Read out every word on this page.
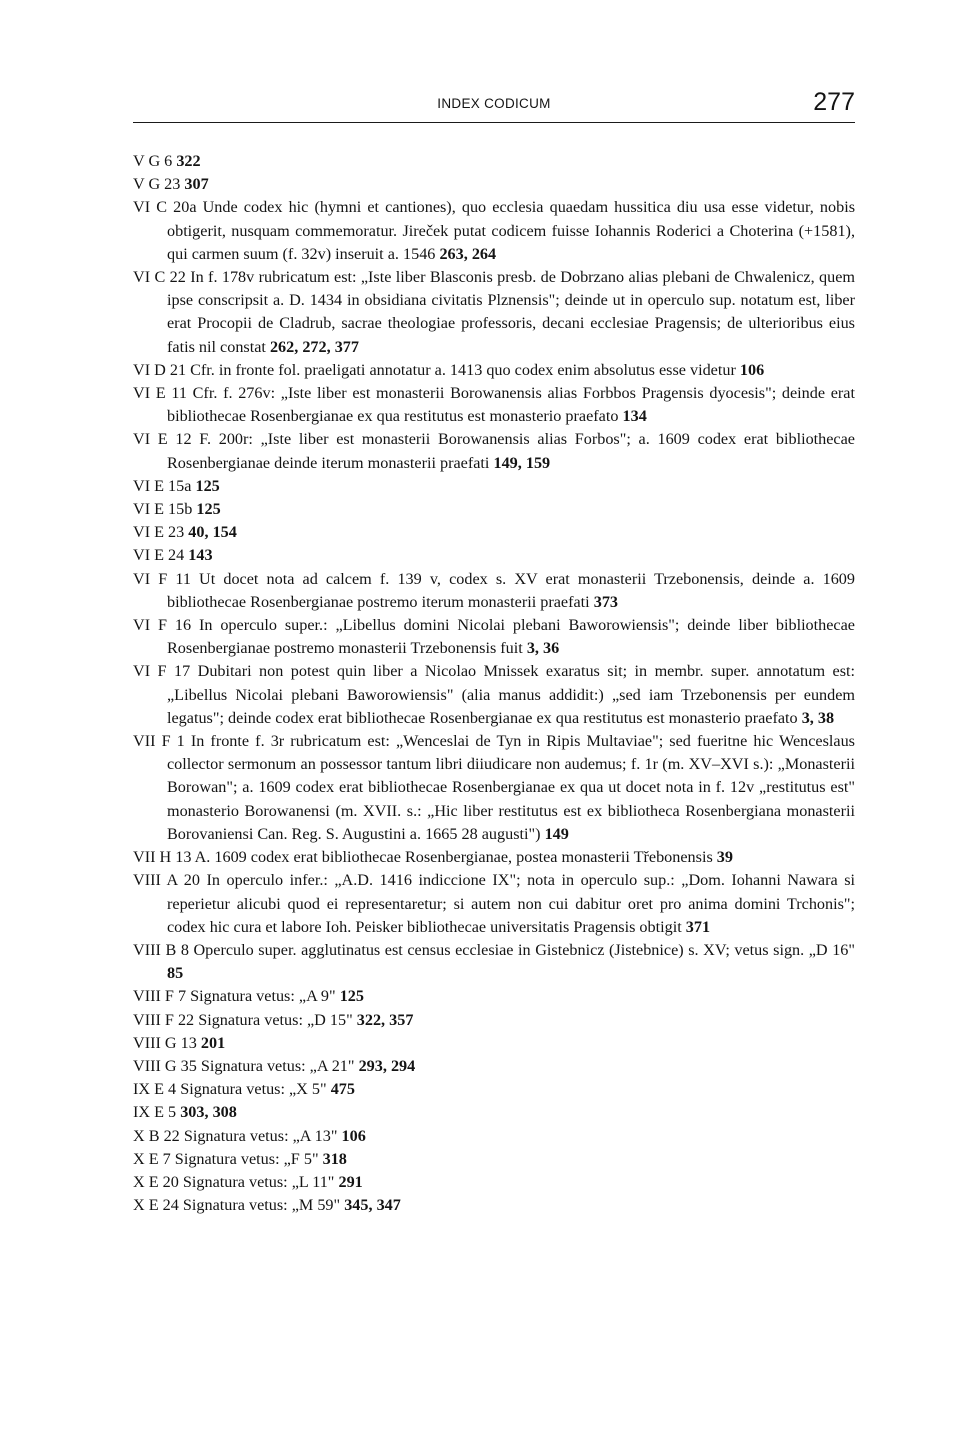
INDEX CODICUM	277

V G 6 322

V G 23 307

VI C 20a Unde codex hic (hymni et cantiones), quo ecclesia quaedam hussitica diu usa esse videtur, nobis obtigerit, nusquam commemoratur. Jireček putat codicem fuisse Iohannis Roderici a Choterina (+1581), qui carmen suum (f. 32v) inseruit a. 1546 263, 264

VI C 22 In f. 178v rubricatum est: „Iste liber Blasconis presb. de Dobrzano alias plebani de Chwalenicz, quem ipse conscripsit a. D. 1434 in obsidiana civitatis Plznensis"; deinde ut in operculo sup. notatum est, liber erat Procopii de Cladrub, sacrae theologiae professoris, decani ecclesiae Pragensis; de ulterioribus eius fatis nil constat 262, 272, 377

VI D 21 Cfr. in fronte fol. praeligati annotatur a. 1413 quo codex enim absolutus esse videtur 106

VI E 11 Cfr. f. 276v: „Iste liber est monasterii Borowanensis alias Forbbos Pragensis dyocesis"; deinde erat bibliothecae Rosenbergianae ex qua restitutus est monasterio praefato 134

VI E 12 F. 200r: „Iste liber est monasterii Borowanensis alias Forbos"; a. 1609 codex erat bibliothecae Rosenbergianae deinde iterum monasterii praefati 149, 159

VI E 15a 125

VI E 15b 125

VI E 23 40, 154

VI E 24 143

VI F 11 Ut docet nota ad calcem f. 139 v, codex s. XV erat monasterii Trzebonensis, deinde a. 1609 bibliothecae Rosenbergianae postremo iterum monasterii praefati 373

VI F 16 In operculo super.: „Libellus domini Nicolai plebani Baworowiensis"; deinde liber bibliothecae Rosenbergianae postremo monasterii Trzebonensis fuit 3, 36

VI F 17 Dubitari non potest quin liber a Nicolao Mnissek exaratus sit; in membr. super. annotatum est: „Libellus Nicolai plebani Baworowiensis" (alia manus addidit:) „sed iam Trzebonensis per eundem legatus"; deinde codex erat bibliothecae Rosenbergianae ex qua restitutus est monasterio praefato 3, 38

VII F 1 In fronte f. 3r rubricatum est: „Wenceslai de Tyn in Ripis Multaviae"; sed fueritne hic Wenceslaus collector sermonum an possessor tantum libri diiudicare non audemus; f. 1r (m. XV–XVI s.): „Monasterii Borowan"; a. 1609 codex erat bibliothecae Rosenbergianae ex qua ut docet nota in f. 12v „restitutus est" monasterio Borowanensi (m. XVII. s.: „Hic liber restitutus est ex bibliotheca Rosenbergiana monasterii Borovaniensi Can. Reg. S. Augustini a. 1665 28 augusti") 149

VII H 13 A. 1609 codex erat bibliothecae Rosenbergianae, postea monasterii Třebonensis 39

VIII A 20 In operculo infer.: „A.D. 1416 indiccione IX"; nota in operculo sup.: „Dom. Iohanni Nawara si reperietur alicubi quod ei representaretur; si autem non cui dabitur oret pro anima domini Trchonis"; codex hic cura et labore Ioh. Peisker bibliothecae universitatis Pragensis obtigit 371

VIII B 8 Operculo super. agglutinatus est census ecclesiae in Gistebnicz (Jistebnice) s. XV; vetus sign. „D 16" 85

VIII F 7 Signatura vetus: „A 9" 125

VIII F 22 Signatura vetus: „D 15" 322, 357

VIII G 13 201

VIII G 35 Signatura vetus: „A 21" 293, 294

IX E 4 Signatura vetus: „X 5" 475

IX E 5 303, 308

X B 22 Signatura vetus: „A 13" 106

X E 7 Signatura vetus: „F 5" 318

X E 20 Signatura vetus: „L 11" 291

X E 24 Signatura vetus: „M 59" 345, 347
